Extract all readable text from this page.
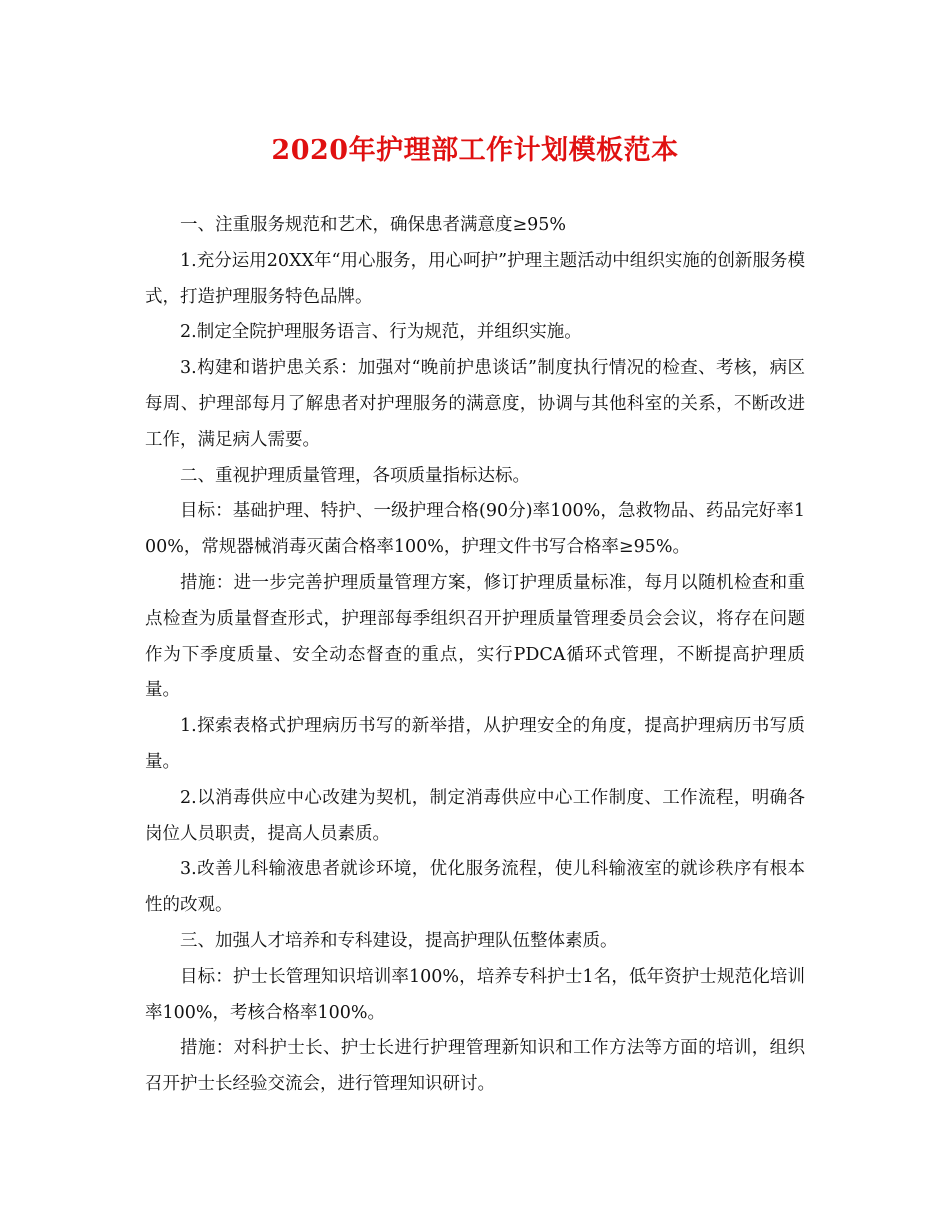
2020年护理部工作计划模板范本

一、注重服务规范和艺术，确保患者满意度≥95%

1.充分运用20XX年“用心服务，用心呵护”护理主题活动中组织实施的创新服务模式，打造护理服务特色品牌。

2.制定全院护理服务语言、行为规范，并组织实施。

3.构建和谐护患关系：加强对“晚前护患谈话”制度执行情况的检查、考核，病区每周、护理部每月了解患者对护理服务的满意度，协调与其他科室的关系，不断改进工作，满足病人需要。

二、重视护理质量管理，各项质量指标达标。

目标：基础护理、特护、一级护理合格(90分)率100%，急救物品、药品完好率100%，常规器械消毒灭菌合格率100%，护理文件书写合格率≥95%。

措施：进一步完善护理质量管理方案，修订护理质量标准，每月以随机检查和重点检查为质量督查形式，护理部每季组织召开护理质量管理委员会会议，将存在问题作为下季度质量、安全动态督查的重点，实行PDCA循环式管理，不断提高护理质量。

1.探索表格式护理病历书写的新举措，从护理安全的角度，提高护理病历书写质量。

2.以消毒供应中心改建为契机，制定消毒供应中心工作制度、工作流程，明确各岗位人员职责，提高人员素质。

3.改善儿科输液患者就诊环境，优化服务流程，使儿科输液室的就诊秩序有根本性的改观。

三、加强人才培养和专科建设，提高护理队伍整体素质。

目标：护士长管理知识培训率100%，培养专科护士1名，低年资护士规范化培训率100%，考核合格率100%。

措施：对科护士长、护士长进行护理管理新知识和工作方法等方面的培训，组织召开护士长经验交流会，进行管理知识研讨。
